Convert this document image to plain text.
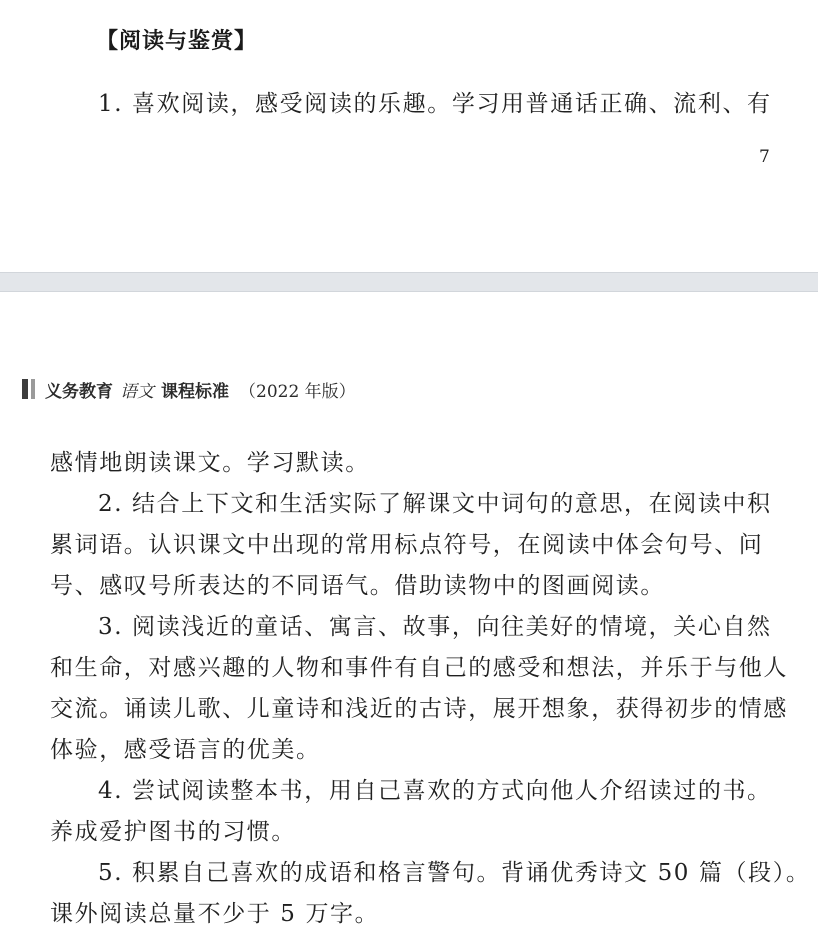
【阅读与鉴赏】
1. 喜欢阅读，感受阅读的乐趣。学习用普通话正确、流利、有
7
义务教育 语文 课程标准 （2022 年版）
感情地朗读课文。学习默读。
2. 结合上下文和生活实际了解课文中词句的意思，在阅读中积
累词语。认识课文中出现的常用标点符号，在阅读中体会句号、问
号、感叹号所表达的不同语气。借助读物中的图画阅读。
3. 阅读浅近的童话、寓言、故事，向往美好的情境，关心自然
和生命，对感兴趣的人物和事件有自己的感受和想法，并乐于与他人
交流。诵读儿歌、儿童诗和浅近的古诗，展开想象，获得初步的情感
体验，感受语言的优美。
4. 尝试阅读整本书，用自己喜欢的方式向他人介绍读过的书。
养成爱护图书的习惯。
5. 积累自己喜欢的成语和格言警句。背诵优秀诗文 50 篇（段）。
课外阅读总量不少于 5 万字。
